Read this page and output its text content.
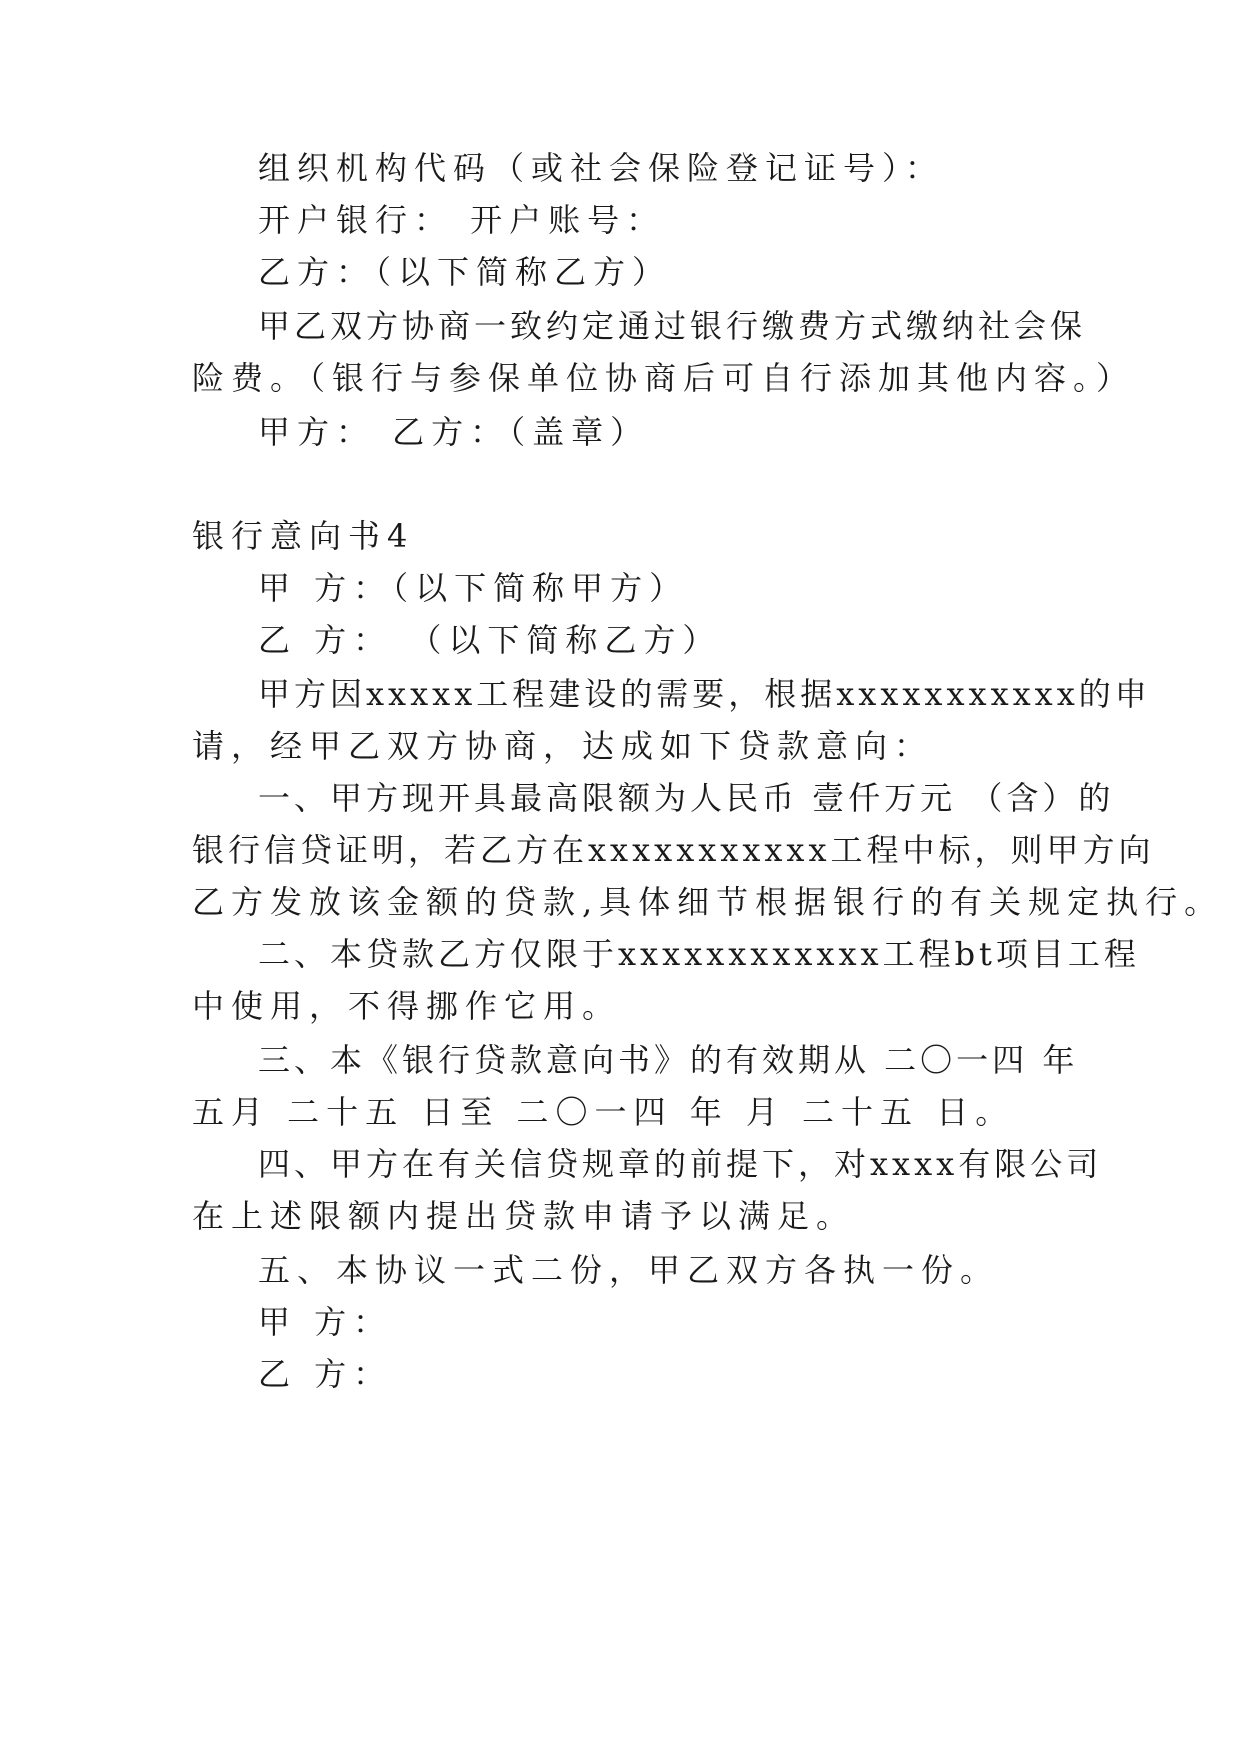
组织机构代码（或社会保险登记证号）：
开户银行： 开户账号：
乙方：（以下简称乙方）
甲乙双方协商一致约定通过银行缴费方式缴纳社会保
险费。（银行与参保单位协商后可自行添加其他内容。）
甲方： 乙方：（盖章）
银行意向书4
甲 方：（以下简称甲方）
乙 方： （以下简称乙方）
甲方因xxxxx工程建设的需要，根据xxxxxxxxxxx的申
请，经甲乙双方协商，达成如下贷款意向：
一、甲方现开具最高限额为人民币 壹仟万元 （含）的
银行信贷证明，若乙方在xxxxxxxxxxx工程中标，则甲方向
乙方发放该金额的贷款,具体细节根据银行的有关规定执行。
二、本贷款乙方仅限于xxxxxxxxxxxx工程bt项目工程
中使用，不得挪作它用。
三、本《银行贷款意向书》的有效期从 二〇一四 年
五月 二十五 日至 二〇一四 年 月 二十五 日。
四、甲方在有关信贷规章的前提下，对xxxx有限公司
在上述限额内提出贷款申请予以满足。
五、本协议一式二份，甲乙双方各执一份。
甲 方：
乙 方：
